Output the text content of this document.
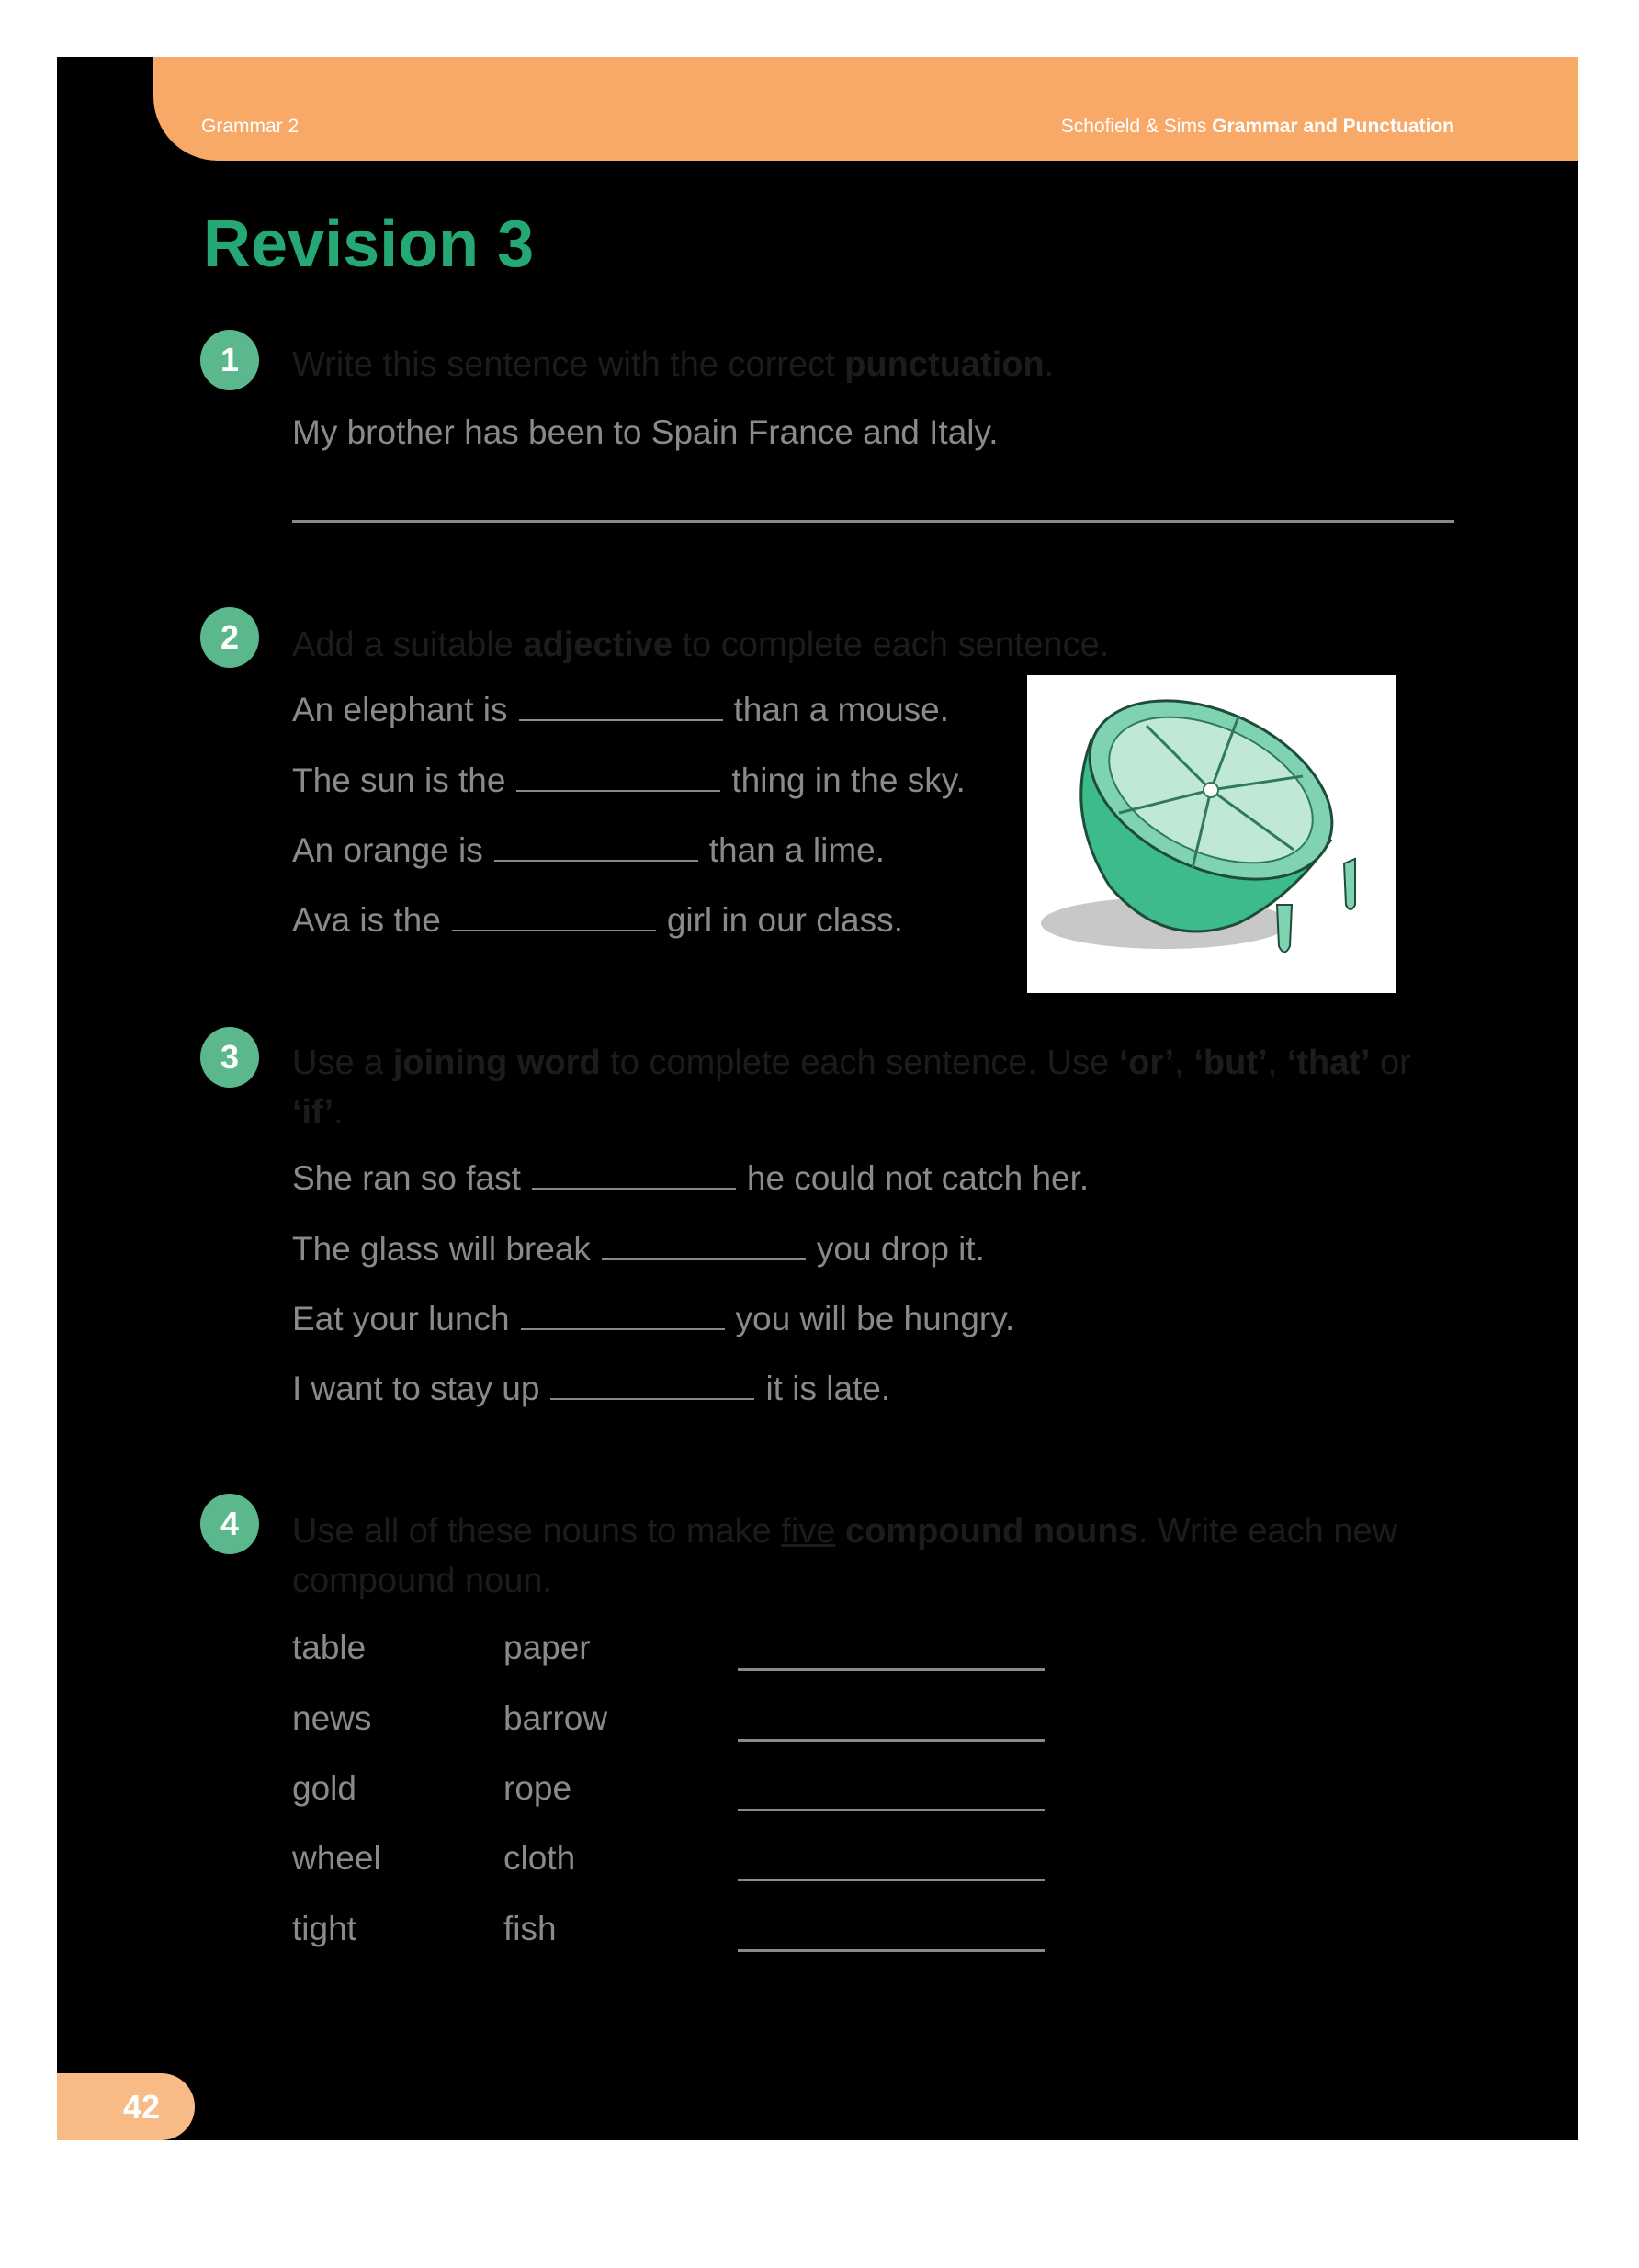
Grammar 2	Schofield & Sims Grammar and Punctuation
Revision 3
1	Write this sentence with the correct punctuation.
My brother has been to Spain France and Italy.
2	Add a suitable adjective to complete each sentence.
An elephant is	than a mouse.
The sun is the	thing in the sky.
An orange is	than a lime.
Ava is the	girl in our class.
3	Use a joining word to complete each sentence. Use ‘or’, ‘but’, ‘that’ or ‘if’.
She ran so fast	he could not catch her.
The glass will break	you drop it.
Eat your lunch	you will be hungry.
I want to stay up	it is late.
4	Use all of these nouns to make five compound nouns. Write each new compound noun.
table	paper
news	barrow
gold	rope
wheel	cloth
tight	fish
42
